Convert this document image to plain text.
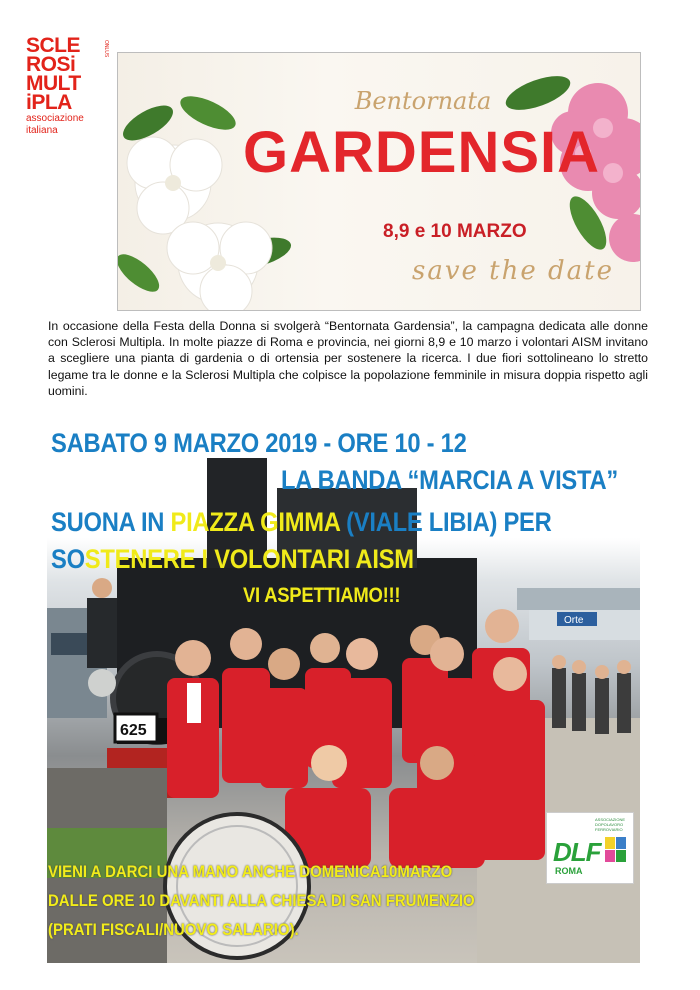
SCLE
ROSi
MULT
iPLA
associazione
italiana
ONLUS
Bentornata
GARDENSIA
8,9 e 10 MARZO
save the date
In occasione della Festa della Donna si svolgerà “Bentornata Gardensia”, la campagna dedicata alle donne con Sclerosi Multipla. In molte piazze di Roma e provincia, nei giorni 8,9 e 10 marzo i volontari AISM invitano a scegliere una pianta di gardenia o di ortensia per sostenere la ricerca. I due fiori sottolineano lo stretto legame tra le donne e la Sclerosi Multipla che colpisce la popolazione femminile in misura doppia rispetto agli uomini.
Orte
625
SABATO 9 MARZO 2019 - ORE 10 - 12
LA BANDA “MARCIA A VISTA”
SUONA IN PIAZZA GIMMA (VIALE LIBIA) PER
SOSTENERE I VOLONTARI AISM
VI ASPETTIAMO!!!
VIENI A DARCI UNA MANO ANCHE DOMENICA10MARZO
DALLE ORE 10 DAVANTI ALLA CHIESA DI SAN FRUMENZIO
(PRATI FISCALI/NUOVO SALARIO).
ASSOCIAZIONE DOPOLAVORO FERROVIARIO
DLF
ROMA
